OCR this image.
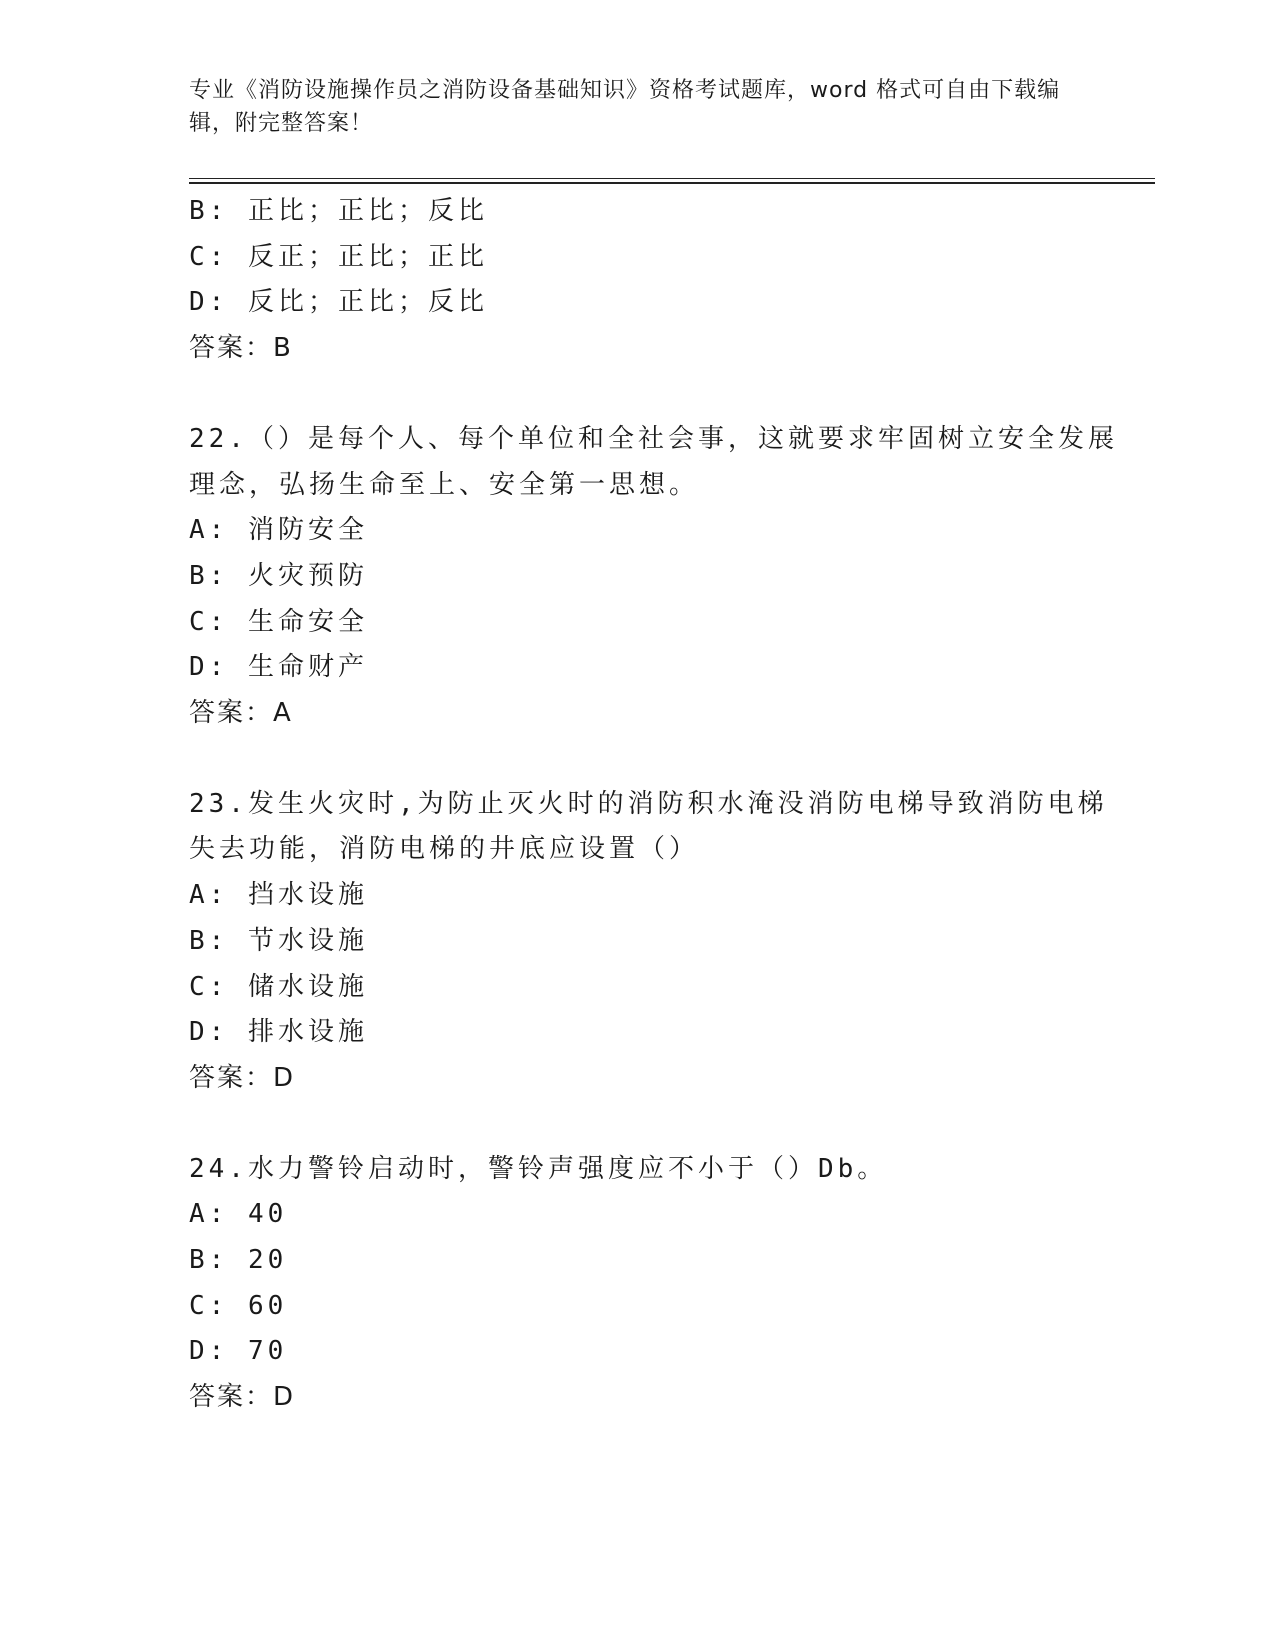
专业《消防设施操作员之消防设备基础知识》资格考试题库，word 格式可自由下载编辑，附完整答案！
B: 正比；正比；反比
C: 反正；正比；正比
D: 反比；正比；反比
答案：B
22.（）是每个人、每个单位和全社会事，这就要求牢固树立安全发展
理念，弘扬生命至上、安全第一思想。
A: 消防安全
B: 火灾预防
C: 生命安全
D: 生命财产
答案：A
23.发生火灾时,为防止灭火时的消防积水淹没消防电梯导致消防电梯
失去功能，消防电梯的井底应设置（）
A: 挡水设施
B: 节水设施
C: 储水设施
D: 排水设施
答案：D
24.水力警铃启动时，警铃声强度应不小于（）Db。
A: 40
B: 20
C: 60
D: 70
答案：D
